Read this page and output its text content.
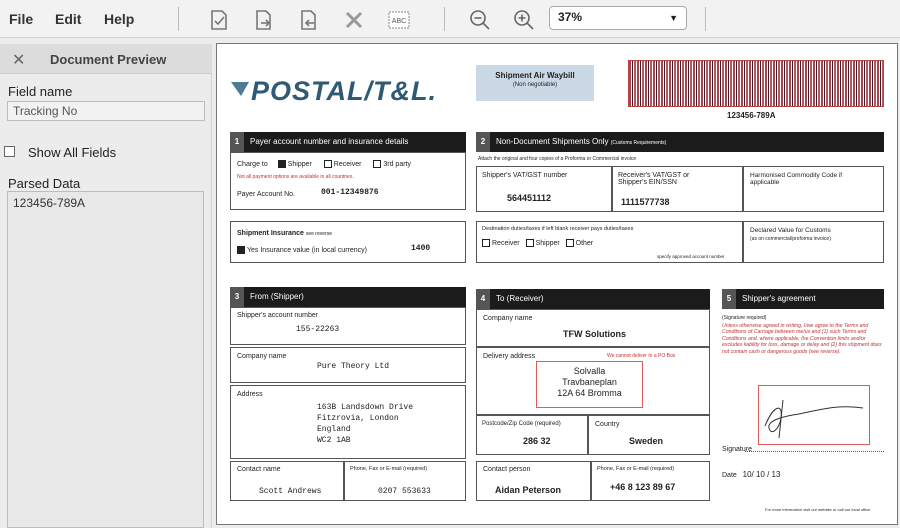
File Edit Help	ABC	37%	▼
✕ Document Preview
Field name
Tracking No
Show All Fields
Parsed Data
123456-789A
POSTAL/T&L.
Shipment Air Waybill
(Non negotiable)
123456-789A
1 Payer account number and insurance details
Charge to	Shipper	Receiver	3rd party
Not all payment options are available in all countries.
Payer Account No.	001-12349876
Shipment Insurance see reverse
Yes Insurance value (in local currency)	1400
2 Non-Document Shipments Only (Customs Requirements)
Attach the original and four copies of a Proforma or Commercial invoice
Shipper's VAT/GST number
564451112
Receiver's VAT/GST or Shipper's EIN/SSN
1111577738
Harmonised Commodity Code if applicable
Destination duties/taxes if left blank receiver pays duties/taxes
Receiver Shipper Other
specify approved account number
Declared Value for Customs
(as on commercial/proforma invoice)
3 From (Shipper)
Shipper's account number
155-22263
Company name
Pure Theory Ltd
Address
163B Landsdown Drive
Fitzrovia, London
England
WC2 1AB
Contact name
Scott Andrews
Phone, Fax or E-mail (required)
0207 553633
4 To (Receiver)
Company name
TFW Solutions
Delivery address	We cannot deliver to a PO Box
Solvalla
Travbaneplan
12A 64 Bromma
Postcode/Zip Code (required)
286 32
Country
Sweden
Contact person
Aidan Peterson
Phone, Fax or E-mail (required)
+46 8 123 89 67
5 Shipper's agreement
(Signature required)
Unless otherwise agreed in writing, I/we agree to the Terms and Conditions of Carriage between me/us and (1) such Terms and Conditions and, where applicable, the Convention limits and/or excludes liability for loss, damage or delay and (2) this shipment does not contain cash or dangerous goods (see reverse).
Signature
Date 10/ 10 / 13
For more information visit our website or call our local office
